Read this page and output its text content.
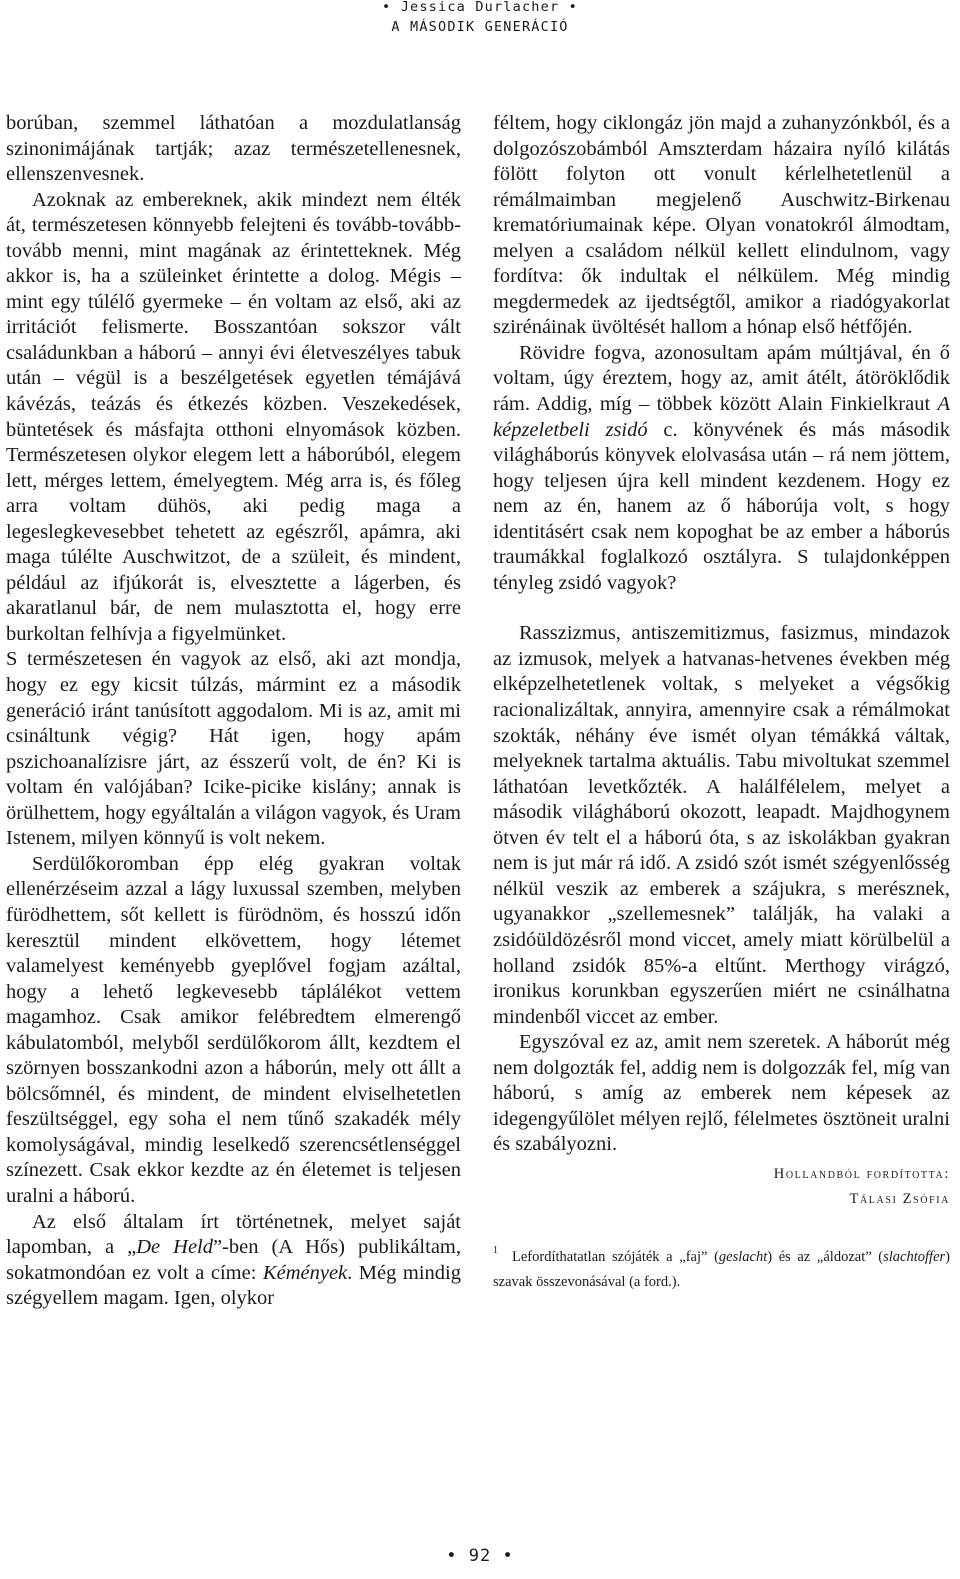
• Jessica Durlacher •
A MÁSODIK GENERÁCIÓ

borúban, szemmel láthatóan a mozdulatlanság szinonimájának tartják; azaz természetellenesnek, ellenszenvesnek.

Azoknak az embereknek, akik mindezt nem élték át, természetesen könnyebb felejteni és tovább-tovább-tovább menni, mint magának az érintetteknek. Még akkor is, ha a szüleinket érintette a dolog. Mégis – mint egy túlélő gyermeke – én voltam az első, aki az irritációt felismerte. Bosszantóan sokszor vált családunkban a háború – annyi évi életveszélyes tabuk után – végül is a beszélgetések egyetlen témájává kávézás, teázás és étkezés közben. Veszekedések, büntetések és másfajta otthoni elnyomások közben. Természetesen olykor elegem lett a háborúból, elegem lett, mérges lettem, émelyegtem. Még arra is, és főleg arra voltam dühös, aki pedig maga a legeslegkevesebbet tehetett az egészről, apámra, aki maga túlélte Auschwitzot, de a szüleit, és mindent, például az ifjúkorát is, elvesztette a lágerben, és akaratlanul bár, de nem mulasztotta el, hogy erre burkoltan felhívja a figyelmünket.

S természetesen én vagyok az első, aki azt mondja, hogy ez egy kicsit túlzás, mármint ez a második generáció iránt tanúsított aggodalom. Mi is az, amit mi csináltunk végig? Hát igen, hogy apám pszichoanalízisre járt, az ésszerű volt, de én? Ki is voltam én valójában? Icike-picike kislány; annak is örülhettem, hogy egyáltalán a világon vagyok, és Uram Istenem, milyen könnyű is volt nekem.

Serdülőkoromban épp elég gyakran voltak ellenérzéseim azzal a lágy luxussal szemben, melyben fürödhettem, sőt kellett is fürödnöm, és hosszú időn keresztül mindent elkövettem, hogy létemet valamelyest keményebb gyeplővel fogjam azáltal, hogy a lehető legkevesebb táplálékot vettem magamhoz. Csak amikor felébredtem elmerengő kábulatomból, melyből serdülőkorom állt, kezdtem el szörnyen bosszankodni azon a háborún, mely ott állt a bölcsőmnél, és mindent, de mindent elviselhetetlen feszültséggel, egy soha el nem tűnő szakadék mély komolyságával, mindig leselkedő szerencsétlenséggel színezett. Csak ekkor kezdte az én életemet is teljesen uralni a háború.

Az első általam írt történetnek, melyet saját lapomban, a „De Held”-ben (A Hős) publikáltam, sokatmondóan ez volt a címe: Kémények. Még mindig szégyellem magam. Igen, olykor

féltem, hogy ciklongáz jön majd a zuhanyzónkból, és a dolgozószobámból Amszterdam házaira nyíló kilátás fölött folyton ott vonult kérlelhetetlenül a rémálmaimban megjelenő Auschwitz-Birkenau krematóriumainak képe. Olyan vonatokról álmodtam, melyen a családom nélkül kellett elindulnom, vagy fordítva: ők indultak el nélkülem. Még mindig megdermedek az ijedtségtől, amikor a riadógyakorlat szirénáinak üvöltését hallom a hónap első hétfőjén.

Rövidre fogva, azonosultam apám múltjával, én ő voltam, úgy éreztem, hogy az, amit átélt, átöröklődik rám. Addig, míg – többek között Alain Finkielkraut A képzeletbeli zsidó c. könyvének és más második világháborús könyvek elolvasása után – rá nem jöttem, hogy teljesen újra kell mindent kezdenem. Hogy ez nem az én, hanem az ő háborúja volt, s hogy identitásért csak nem kopoghat be az ember a háborús traumákkal foglalkozó osztályra. S tulajdonképpen tényleg zsidó vagyok?

Rasszizmus, antiszemitizmus, fasizmus, mindazok az izmusok, melyek a hatvanas-hetvenes években még elképzelhetetlenek voltak, s melyeket a végsőkig racionalizáltak, annyira, amennyire csak a rémálmokat szokták, néhány éve ismét olyan témákká váltak, melyeknek tartalma aktuális. Tabu mivoltukat szemmel láthatóan levetkőzték. A halálfélelem, melyet a második világháború okozott, leapadt. Majdhogynem ötven év telt el a háború óta, s az iskolákban gyakran nem is jut már rá idő. A zsidó szót ismét szégyenlősség nélkül veszik az emberek a szájukra, s merésznek, ugyanakkor „szellemesnek” találják, ha valaki a zsidóüldözésről mond viccet, amely miatt körülbelül a holland zsidók 85%-a eltűnt. Merthogy virágzó, ironikus korunkban egyszerűen miért ne csinálhatna mindenből viccet az ember.

Egyszóval ez az, amit nem szeretek. A háborút még nem dolgozták fel, addig nem is dolgozzák fel, míg van háború, s amíg az emberek nem képesek az idegengyűlölet mélyen rejlő, félelmetes ösztöneit uralni és szabályozni.

Hollandból fordította:
Tálasi Zsófia
$^1$ Lefordíthatatlan szójáték a „faj” (geslacht) és az „áldozat” (slachtoffer) szavak összevonásával (a ford.).
• 92 •
